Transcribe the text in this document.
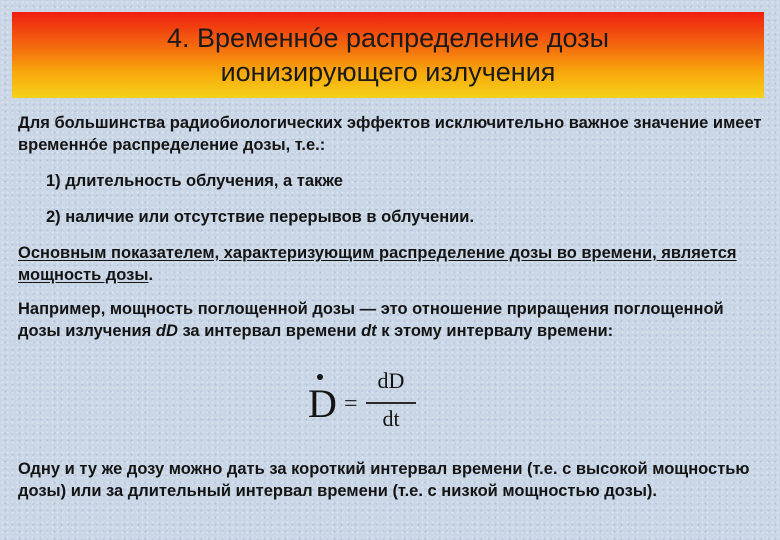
4. Временнóе распределение дозы
ионизирующего излучения

Для большинства радиобиологических эффектов исключительно важное значение имеет временнóе распределение дозы, т.е.:

1) длительность облучения, а также

2) наличие или отсутствие перерывов в облучении.

Основным показателем, характеризующим распределение дозы во времени, является мощность дозы.

Например, мощность поглощенной дозы — это отношение приращения поглощенной дозы излучения dD за интервал времени dt к этому интервалу времени:

D =
dD
dt

Одну и ту же дозу можно дать за короткий интервал времени (т.е. с высокой мощностью дозы) или за длительный интервал времени (т.е. с низкой мощностью дозы).
